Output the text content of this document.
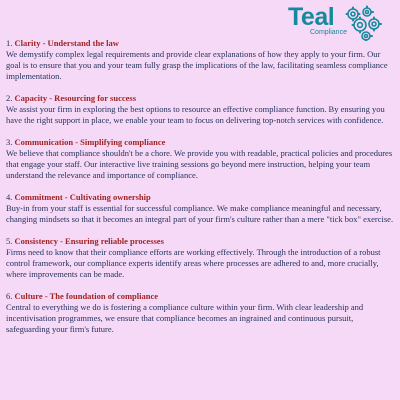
Teal
Compliance
1. Clarity - Understand the law
We demystify complex legal requirements and provide clear explanations of how they apply to your firm. Our goal is to ensure that you and your team fully grasp the implications of the law, facilitating seamless compliance implementation.
2. Capacity - Resourcing for success
We assist your firm in exploring the best options to resource an effective compliance function. By ensuring you have the right support in place, we enable your team to focus on delivering top-notch services with confidence.
3. Communication - Simplifying compliance
We believe that compliance shouldn't be a chore. We provide you with readable, practical policies and procedures that engage your staff. Our interactive live training sessions go beyond mere instruction, helping your team understand the relevance and importance of compliance.
4. Commitment - Cultivating ownership
Buy-in from your staff is essential for successful compliance. We make compliance meaningful and necessary, changing mindsets so that it becomes an integral part of your firm's culture rather than a mere "tick box" exercise.
5. Consistency - Ensuring reliable processes
Firms need to know that their compliance efforts are working effectively. Through the introduction of a robust control framework, our compliance experts identify areas where processes are adhered to and, more crucially, where improvements can be made.
6. Culture - The foundation of compliance
Central to everything we do is fostering a compliance culture within your firm. With clear leadership and incentivisation programmes, we ensure that compliance becomes an ingrained and continuous pursuit, safeguarding your firm's future.
